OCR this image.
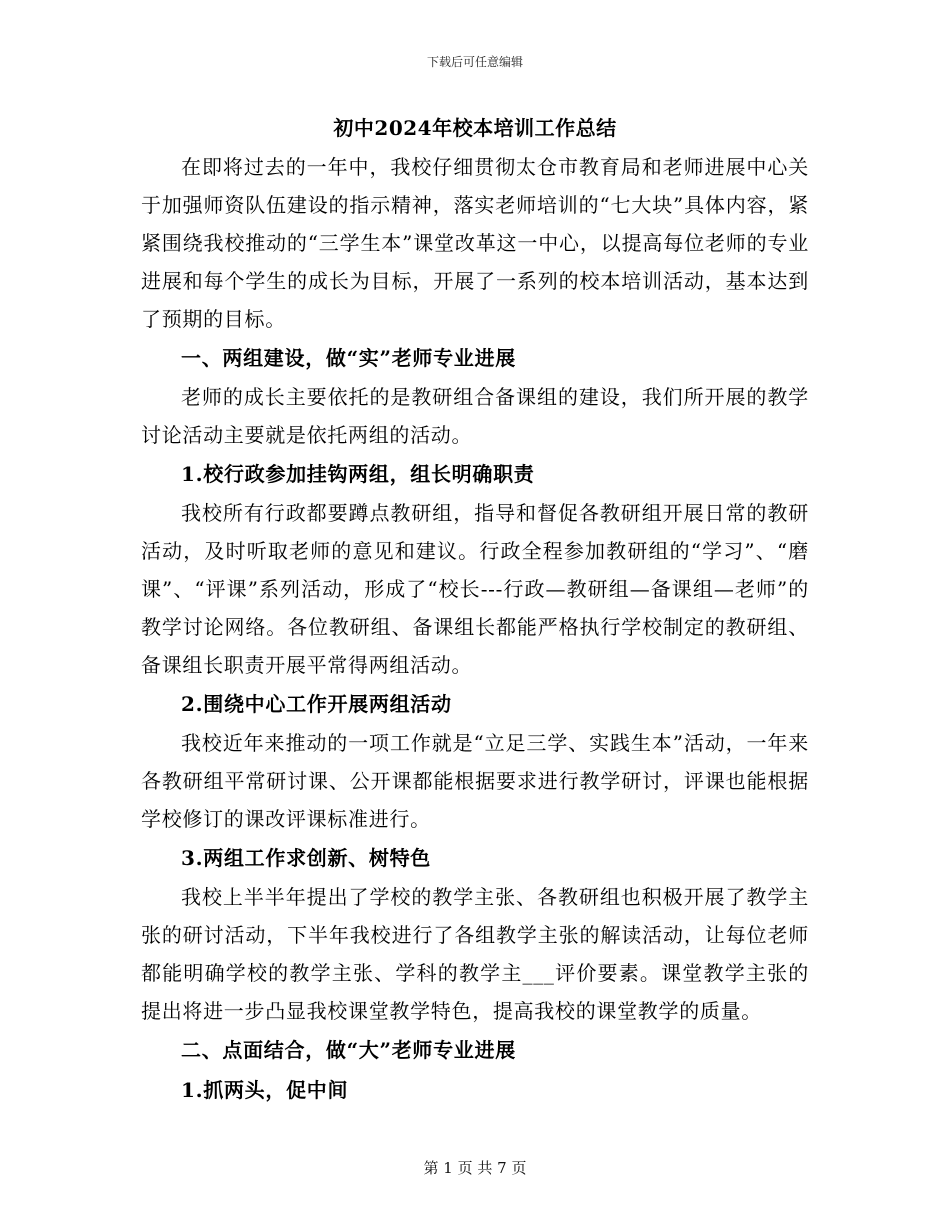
下载后可任意编辑
初中2024年校本培训工作总结

在即将过去的一年中，我校仔细贯彻太仓市教育局和老师进展中心关于加强师资队伍建设的指示精神，落实老师培训的“七大块”具体内容，紧紧围绕我校推动的“三学生本”课堂改革这一中心，以提高每位老师的专业进展和每个学生的成长为目标，开展了一系列的校本培训活动，基本达到了预期的目标。

一、两组建设，做“实”老师专业进展

老师的成长主要依托的是教研组合备课组的建设，我们所开展的教学讨论活动主要就是依托两组的活动。

1.校行政参加挂钩两组，组长明确职责

我校所有行政都要蹲点教研组，指导和督促各教研组开展日常的教研活动，及时听取老师的意见和建议。行政全程参加教研组的“学习”、“磨课”、“评课”系列活动，形成了“校长---行政—教研组—备课组—老师”的教学讨论网络。各位教研组、备课组长都能严格执行学校制定的教研组、备课组长职责开展平常得两组活动。

2.围绕中心工作开展两组活动

我校近年来推动的一项工作就是“立足三学、实践生本”活动，一年来各教研组平常研讨课、公开课都能根据要求进行教学研讨，评课也能根据学校修订的课改评课标准进行。

3.两组工作求创新、树特色

我校上半半年提出了学校的教学主张、各教研组也积极开展了教学主张的研讨活动，下半年我校进行了各组教学主张的解读活动，让每位老师都能明确学校的教学主张、学科的教学主___评价要素。课堂教学主张的提出将进一步凸显我校课堂教学特色，提高我校的课堂教学的质量。

二、点面结合，做“大”老师专业进展

1.抓两头，促中间

第 1 页 共 7 页
